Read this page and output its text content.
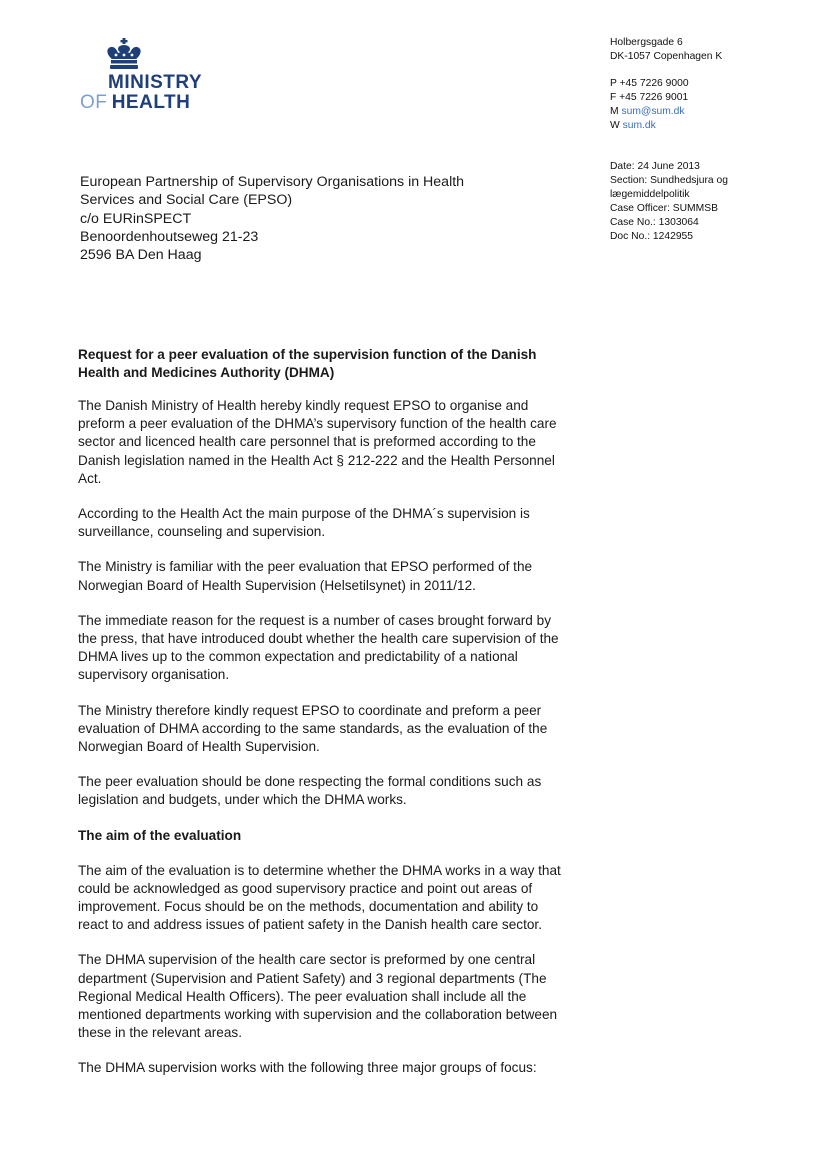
MINISTRY
OF  HEALTH
Holbergsgade 6
DK-1057 Copenhagen K
P +45 7226 9000
F +45 7226 9001
M sum@sum.dk
W sum.dk
Date: 24 June 2013
Section: Sundhedsjura og
lægemiddelpolitik
Case Officer: SUMMSB
Case No.: 1303064
Doc No.: 1242955
European Partnership of Supervisory Organisations in Health
Services and Social Care (EPSO)
c/o EURinSPECT
Benoordenhoutseweg 21-23
2596 BA Den Haag
Request for a peer evaluation of the supervision function of the Danish Health and Medicines Authority (DHMA)

The Danish Ministry of Health hereby kindly request EPSO to organise and preform a peer evaluation of the DHMA’s supervisory function of the health care sector and licenced health care personnel that is preformed according to the Danish legislation named in the Health Act § 212-222 and the Health Personnel Act.

According to the Health Act the main purpose of the DHMA´s supervision is surveillance, counseling and supervision.

The Ministry is familiar with the peer evaluation that EPSO performed of the Norwegian Board of Health Supervision (Helsetilsynet) in 2011/12.

The immediate reason for the request is a number of cases brought forward by the press, that have introduced doubt whether the health care supervision of the DHMA lives up to the common expectation and predictability of a national supervisory organisation.

The Ministry therefore kindly request EPSO to coordinate and preform a peer evaluation of DHMA according to the same standards, as the evaluation of the Norwegian Board of Health Supervision.

The peer evaluation should be done respecting the formal conditions such as legislation and budgets, under which the DHMA works.

The aim of the evaluation

The aim of the evaluation is to determine whether the DHMA works in a way that could be acknowledged as good supervisory practice and point out areas of improvement. Focus should be on the methods, documentation and ability to react to and address issues of patient safety in the Danish health care sector.

The DHMA supervision of the health care sector is preformed by one central department (Supervision and Patient Safety) and 3 regional departments (The Regional Medical Health Officers). The peer evaluation shall include all the mentioned departments working with supervision and the collaboration between these in the relevant areas.

The DHMA supervision works with the following three major groups of focus:
